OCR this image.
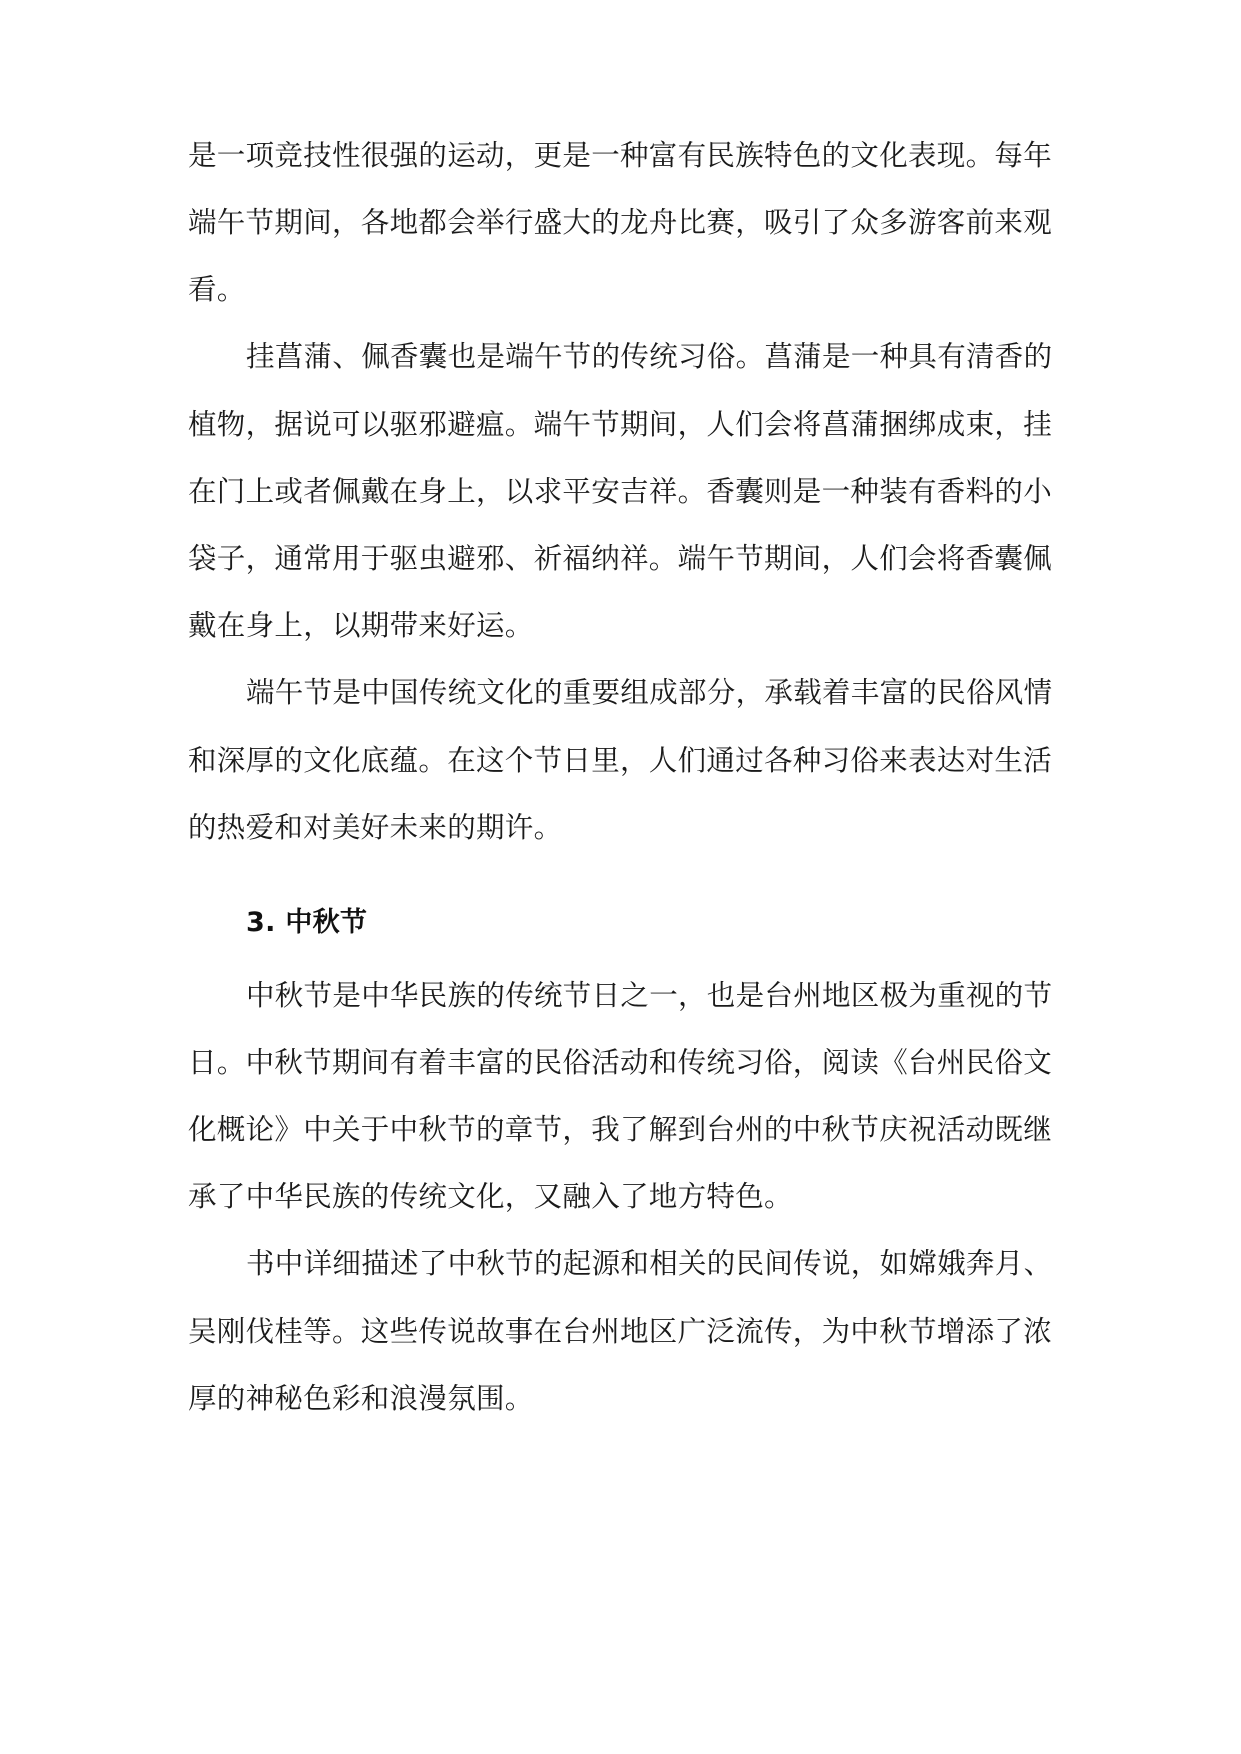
是一项竞技性很强的运动，更是一种富有民族特色的文化表现。每年
端午节期间，各地都会举行盛大的龙舟比赛，吸引了众多游客前来观
看。
挂菖蒲、佩香囊也是端午节的传统习俗。菖蒲是一种具有清香的
植物，据说可以驱邪避瘟。端午节期间，人们会将菖蒲捆绑成束，挂
在门上或者佩戴在身上，以求平安吉祥。香囊则是一种装有香料的小
袋子，通常用于驱虫避邪、祈福纳祥。端午节期间，人们会将香囊佩
戴在身上，以期带来好运。
端午节是中国传统文化的重要组成部分，承载着丰富的民俗风情
和深厚的文化底蕴。在这个节日里，人们通过各种习俗来表达对生活
的热爱和对美好未来的期许。
3. 中秋节
中秋节是中华民族的传统节日之一，也是台州地区极为重视的节
日。中秋节期间有着丰富的民俗活动和传统习俗，阅读《台州民俗文
化概论》中关于中秋节的章节，我了解到台州的中秋节庆祝活动既继
承了中华民族的传统文化，又融入了地方特色。
书中详细描述了中秋节的起源和相关的民间传说，如嫦娥奔月、
吴刚伐桂等。这些传说故事在台州地区广泛流传，为中秋节增添了浓
厚的神秘色彩和浪漫氛围。
